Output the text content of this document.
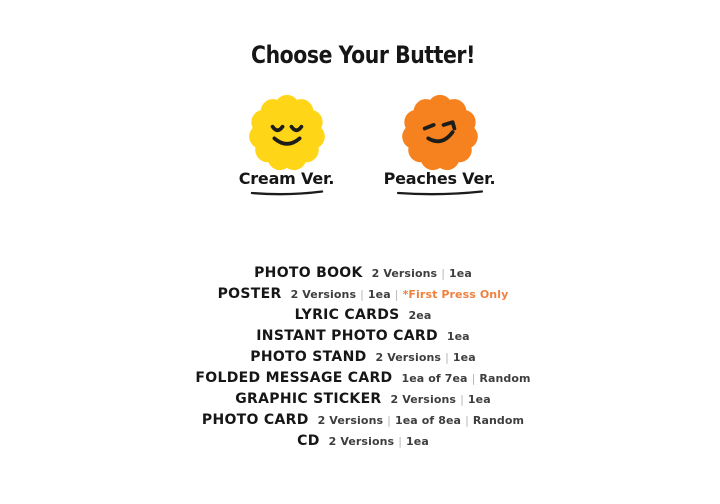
Choose Your Butter!
Cream Ver.	Peaches Ver.
PHOTO BOOK 2 Versions | 1ea
POSTER 2 Versions | 1ea | *First Press Only
LYRIC CARDS 2ea
INSTANT PHOTO CARD 1ea
PHOTO STAND 2 Versions | 1ea
FOLDED MESSAGE CARD 1ea of 7ea | Random
GRAPHIC STICKER 2 Versions | 1ea
PHOTO CARD 2 Versions | 1ea of 8ea | Random
CD 2 Versions | 1ea
